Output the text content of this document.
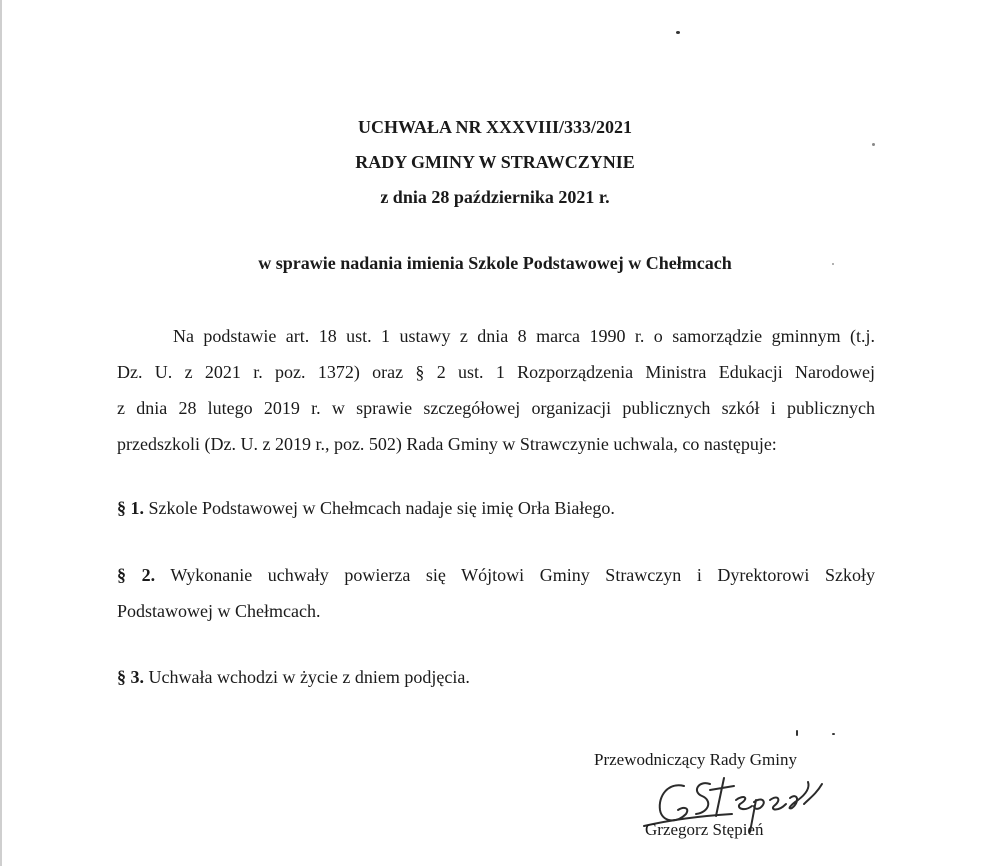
UCHWAŁA NR XXXVIII/333/2021
RADY GMINY W STRAWCZYNIE
z dnia 28 października 2021 r.
w sprawie nadania imienia Szkole Podstawowej w Chełmcach
Na podstawie art. 18 ust. 1 ustawy z dnia 8 marca 1990 r. o samorządzie gminnym (t.j.
Dz. U. z 2021 r. poz. 1372) oraz § 2 ust. 1 Rozporządzenia Ministra Edukacji Narodowej
z dnia 28 lutego 2019 r. w sprawie szczegółowej organizacji publicznych szkół i publicznych
przedszkoli (Dz. U. z 2019 r., poz. 502) Rada Gminy w Strawczynie uchwala, co następuje:
§ 1. Szkole Podstawowej w Chełmcach nadaje się imię Orła Białego.
§ 2. Wykonanie uchwały powierza się Wójtowi Gminy Strawczyn i Dyrektorowi Szkoły
Podstawowej w Chełmcach.
§ 3. Uchwała wchodzi w życie z dniem podjęcia.
Przewodniczący Rady Gminy
Grzegorz Stępień
